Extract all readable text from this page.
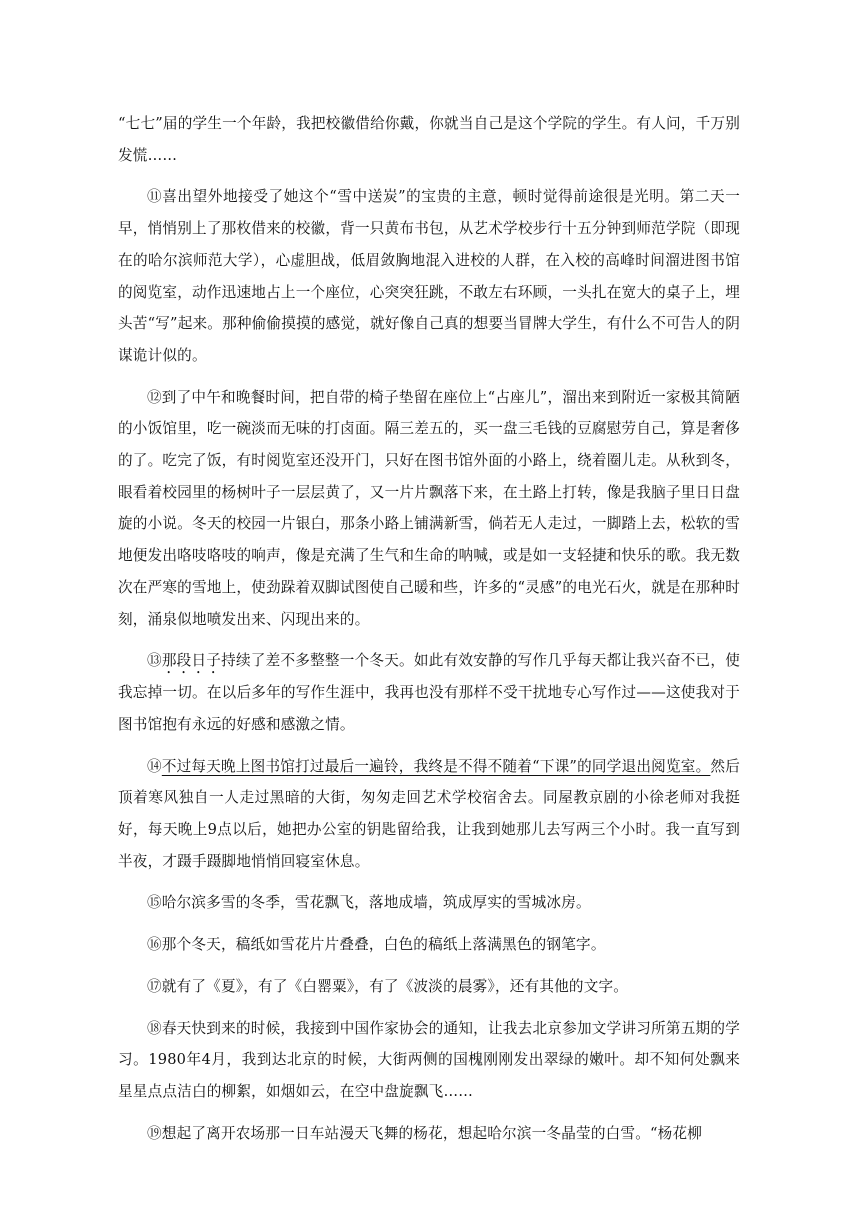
“七七”届的学生一个年龄，我把校徽借给你戴，你就当自己是这个学院的学生。有人问，千万别发慌……

⑪喜出望外地接受了她这个“雪中送炭”的宝贵的主意，顿时觉得前途很是光明。第二天一早，悄悄别上了那枚借来的校徽，背一只黄布书包，从艺术学校步行十五分钟到师范学院（即现在的哈尔滨师范大学），心虚胆战，低眉敛胸地混入进校的人群，在入校的高峰时间溜进图书馆的阅览室，动作迅速地占上一个座位，心突突狂跳，不敢左右环顾，一头扎在宽大的桌子上，埋头苦“写”起来。那种偷偷摸摸的感觉，就好像自己真的想要当冒牌大学生，有什么不可告人的阴谋诡计似的。

⑫到了中午和晚餐时间，把自带的椅子垫留在座位上“占座儿”，溜出来到附近一家极其简陋的小饭馆里，吃一碗淡而无味的打卤面。隔三差五的，买一盘三毛钱的豆腐慰劳自己，算是奢侈的了。吃完了饭，有时阅览室还没开门，只好在图书馆外面的小路上，绕着圈儿走。从秋到冬，眼看着校园里的杨树叶子一层层黄了，又一片片飘落下来，在土路上打转，像是我脑子里日日盘旋的小说。冬天的校园一片银白，那条小路上铺满新雪，倘若无人走过，一脚踏上去，松软的雪地便发出咯吱咯吱的响声，像是充满了生气和生命的呐喊，或是如一支轻捷和快乐的歌。我无数次在严寒的雪地上，使劲跺着双脚试图使自己暖和些，许多的“灵感”的电光石火，就是在那种时刻，涌泉似地喷发出来、闪现出来的。

⑬那段日子持续了差不多整整一个冬天。如此有效安静的写作几乎每天都让我兴奋不已，使我忘掉一切。在以后多年的写作生涯中，我再也没有那样不受干扰地专心写作过——这使我对于图书馆抱有永远的好感和感激之情。

⑭不过每天晚上图书馆打过最后一遍铃，我终是不得不随着“下课”的同学退出阅览室。然后顶着寒风独自一人走过黑暗的大街，匆匆走回艺术学校宿舍去。同屋教京剧的小徐老师对我挺好，每天晚上9点以后，她把办公室的钥匙留给我，让我到她那儿去写两三个小时。我一直写到半夜，才蹑手蹑脚地悄悄回寝室休息。

⑮哈尔滨多雪的冬季，雪花飘飞，落地成墙，筑成厚实的雪城冰房。

⑯那个冬天，稿纸如雪花片片叠叠，白色的稿纸上落满黑色的钢笔字。

⑰就有了《夏》，有了《白罂粟》，有了《波淡的晨雾》，还有其他的文字。

⑱春天快到来的时候，我接到中国作家协会的通知，让我去北京参加文学讲习所第五期的学习。1980年4月，我到达北京的时候，大街两侧的国槐刚刚发出翠绿的嫩叶。却不知何处飘来星星点点洁白的柳絮，如烟如云，在空中盘旋飘飞……

⑲想起了离开农场那一日车站漫天飞舞的杨花，想起哈尔滨一冬晶莹的白雪。“杨花柳
